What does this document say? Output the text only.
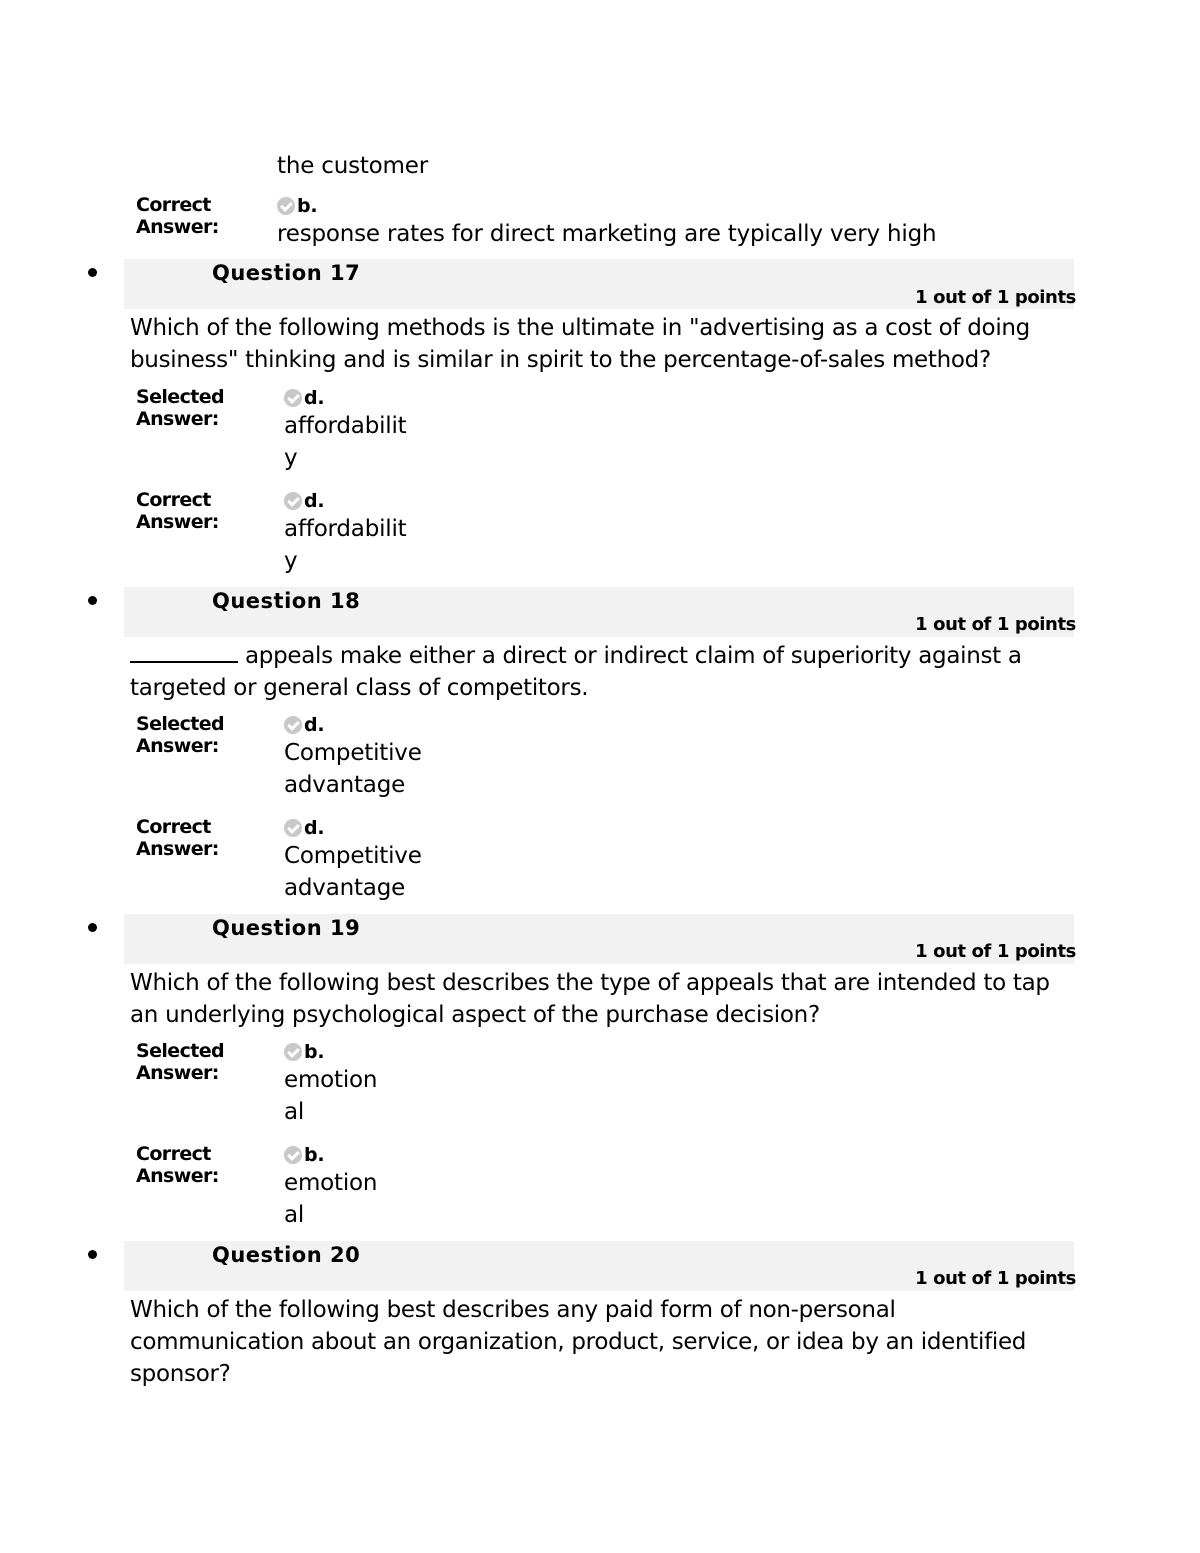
the customer
Correct Answer:
b.
response rates for direct marketing are typically very high
Question 17
1 out of 1 points
Which of the following methods is the ultimate in "advertising as a cost of doing business" thinking and is similar in spirit to the percentage-of-sales method?
Selected Answer:
d.
affordability
Correct Answer:
d.
affordability
Question 18
1 out of 1 points
appeals make either a direct or indirect claim of superiority against a targeted or general class of competitors.
Selected Answer:
d.
Competitive advantage
Correct Answer:
d.
Competitive advantage
Question 19
1 out of 1 points
Which of the following best describes the type of appeals that are intended to tap an underlying psychological aspect of the purchase decision?
Selected Answer:
b.
emotional
Correct Answer:
b.
emotional
Question 20
1 out of 1 points
Which of the following best describes any paid form of non-personal communication about an organization, product, service, or idea by an identified sponsor?
